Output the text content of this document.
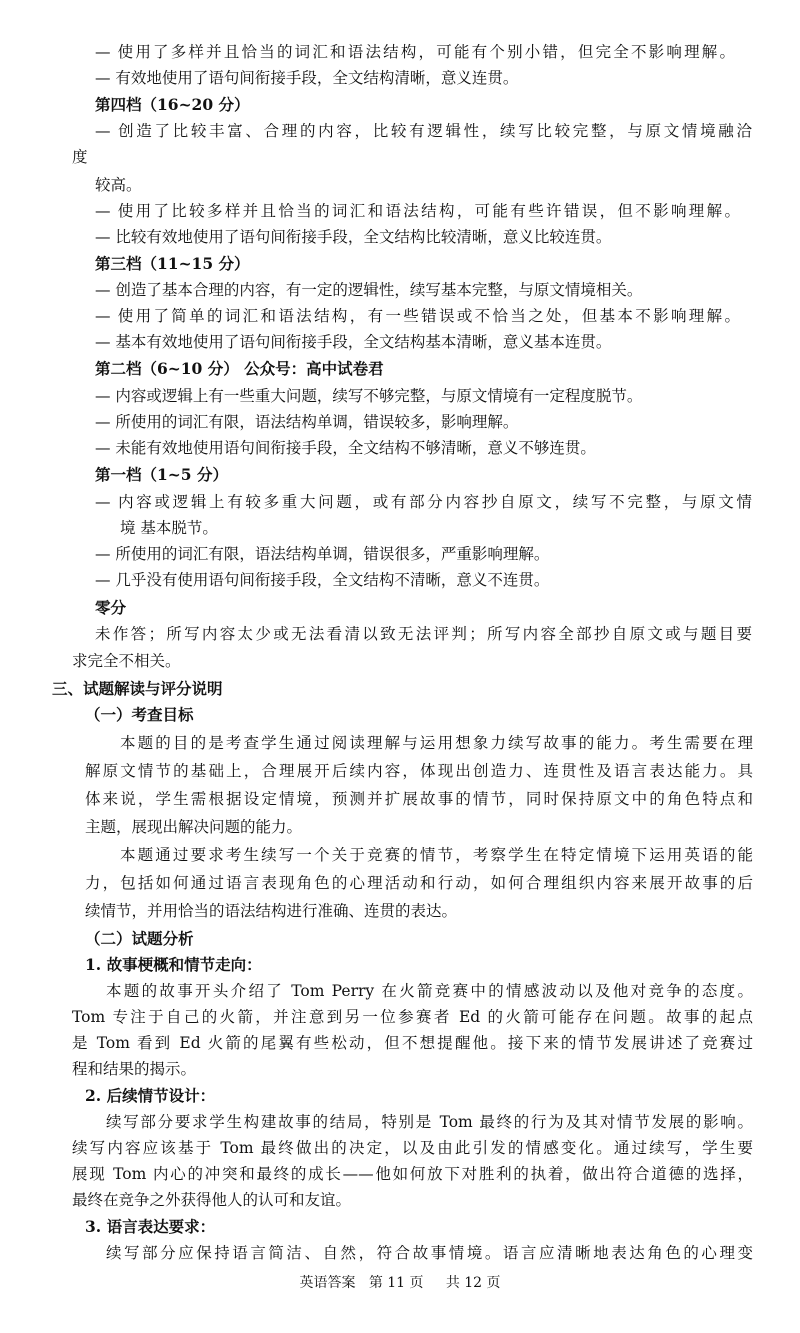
— 使用了多样并且恰当的词汇和语法结构，可能有个别小错，但完全不影响理解。
— 有效地使用了语句间衔接手段，全文结构清晰，意义连贯。
第四档（16~20 分）
— 创造了比较丰富、合理的内容，比较有逻辑性，续写比较完整，与原文情境融洽
度
较高。
— 使用了比较多样并且恰当的词汇和语法结构，可能有些许错误，但不影响理解。
— 比较有效地使用了语句间衔接手段，全文结构比较清晰，意义比较连贯。
第三档（11~15 分）
— 创造了基本合理的内容，有一定的逻辑性，续写基本完整，与原文情境相关。
— 使用了简单的词汇和语法结构，有一些错误或不恰当之处，但基本不影响理解。
— 基本有效地使用了语句间衔接手段，全文结构基本清晰，意义基本连贯。
第二档（6~10 分） 公众号：高中试卷君
— 内容或逻辑上有一些重大问题，续写不够完整，与原文情境有一定程度脱节。
— 所使用的词汇有限，语法结构单调，错误较多，影响理解。
— 未能有效地使用语句间衔接手段，全文结构不够清晰，意义不够连贯。
第一档（1~5 分）
— 内容或逻辑上有较多重大问题，或有部分内容抄自原文，续写不完整，与原文情
境 基本脱节。
— 所使用的词汇有限，语法结构单调，错误很多，严重影响理解。
— 几乎没有使用语句间衔接手段，全文结构不清晰，意义不连贯。
零分
未作答；所写内容太少或无法看清以致无法评判；所写内容全部抄自原文或与题目要
求完全不相关。
三、试题解读与评分说明
（一）考查目标
本题的目的是考查学生通过阅读理解与运用想象力续写故事的能力。考生需要在理
解原文情节的基础上，合理展开后续内容，体现出创造力、连贯性及语言表达能力。具
体来说，学生需根据设定情境，预测并扩展故事的情节，同时保持原文中的角色特点和
主题，展现出解决问题的能力。
本题通过要求考生续写一个关于竞赛的情节，考察学生在特定情境下运用英语的能
力，包括如何通过语言表现角色的心理活动和行动，如何合理组织内容来展开故事的后
续情节，并用恰当的语法结构进行准确、连贯的表达。
（二）试题分析
1. 故事梗概和情节走向：
本题的故事开头介绍了 Tom Perry 在火箭竞赛中的情感波动以及他对竞争的态度。
Tom 专注于自己的火箭，并注意到另一位参赛者 Ed 的火箭可能存在问题。故事的起点
是 Tom 看到 Ed 火箭的尾翼有些松动，但不想提醒他。接下来的情节发展讲述了竞赛过
程和结果的揭示。
2. 后续情节设计：
续写部分要求学生构建故事的结局，特别是 Tom 最终的行为及其对情节发展的影响。
续写内容应该基于 Tom 最终做出的决定，以及由此引发的情感变化。通过续写，学生要
展现 Tom 内心的冲突和最终的成长——他如何放下对胜利的执着，做出符合道德的选择，
最终在竞争之外获得他人的认可和友谊。
3. 语言表达要求：
续写部分应保持语言简洁、自然，符合故事情境。语言应清晰地表达角色的心理变
英语答案 第 11 页 共 12 页
